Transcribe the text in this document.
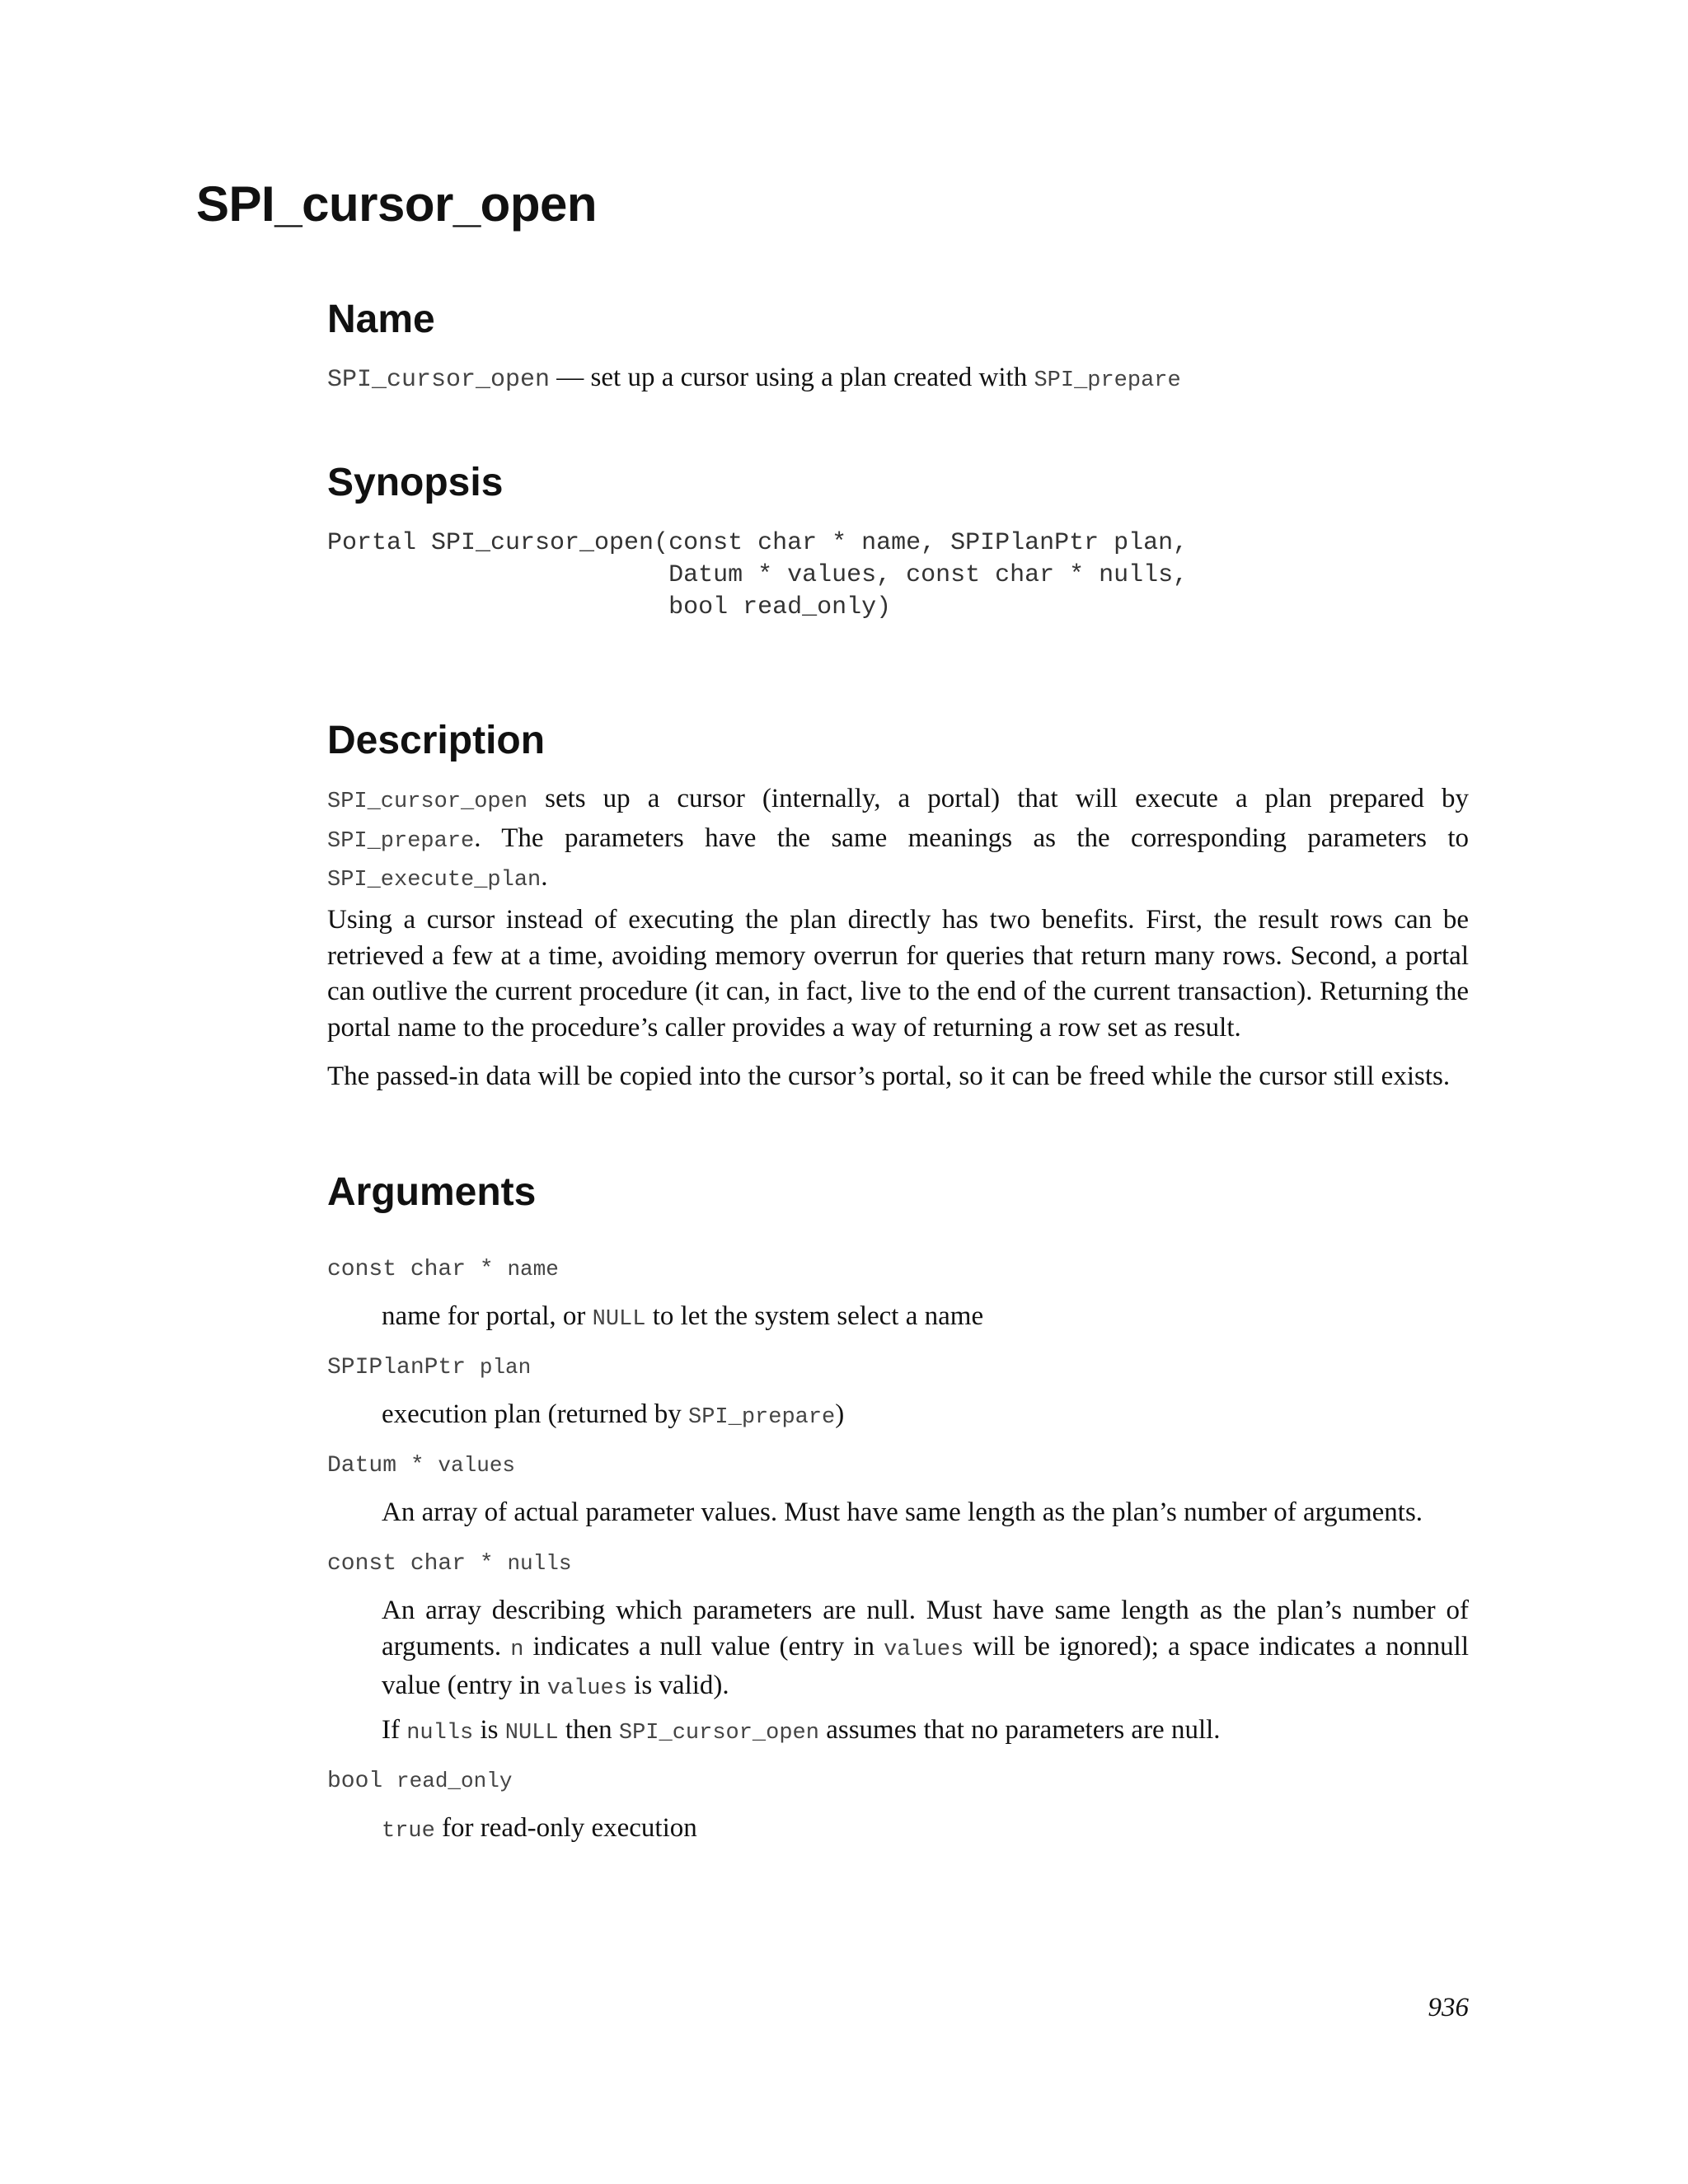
SPI_cursor_open
Name

SPI_cursor_open — set up a cursor using a plan created with SPI_prepare

Synopsis
Portal SPI_cursor_open(const char * name, SPIPlanPtr plan,
Datum * values, const char * nulls,
bool read_only)
Description

SPI_cursor_open sets up a cursor (internally, a portal) that will execute a plan prepared by SPI_prepare. The parameters have the same meanings as the corresponding parameters to SPI_execute_plan.

Using a cursor instead of executing the plan directly has two benefits. First, the result rows can be retrieved a few at a time, avoiding memory overrun for queries that return many rows. Second, a portal can outlive the current procedure (it can, in fact, live to the end of the current transaction). Returning the portal name to the procedure’s caller provides a way of returning a row set as result.

The passed-in data will be copied into the cursor’s portal, so it can be freed while the cursor still exists.

Arguments

const char * name

name for portal, or NULL to let the system select a name

SPIPlanPtr plan

execution plan (returned by SPI_prepare)

Datum * values

An array of actual parameter values. Must have same length as the plan’s number of arguments.

const char * nulls

An array describing which parameters are null. Must have same length as the plan’s number of arguments. n indicates a null value (entry in values will be ignored); a space indicates a nonnull value (entry in values is valid).

If nulls is NULL then SPI_cursor_open assumes that no parameters are null.

bool read_only

true for read-only execution

936
